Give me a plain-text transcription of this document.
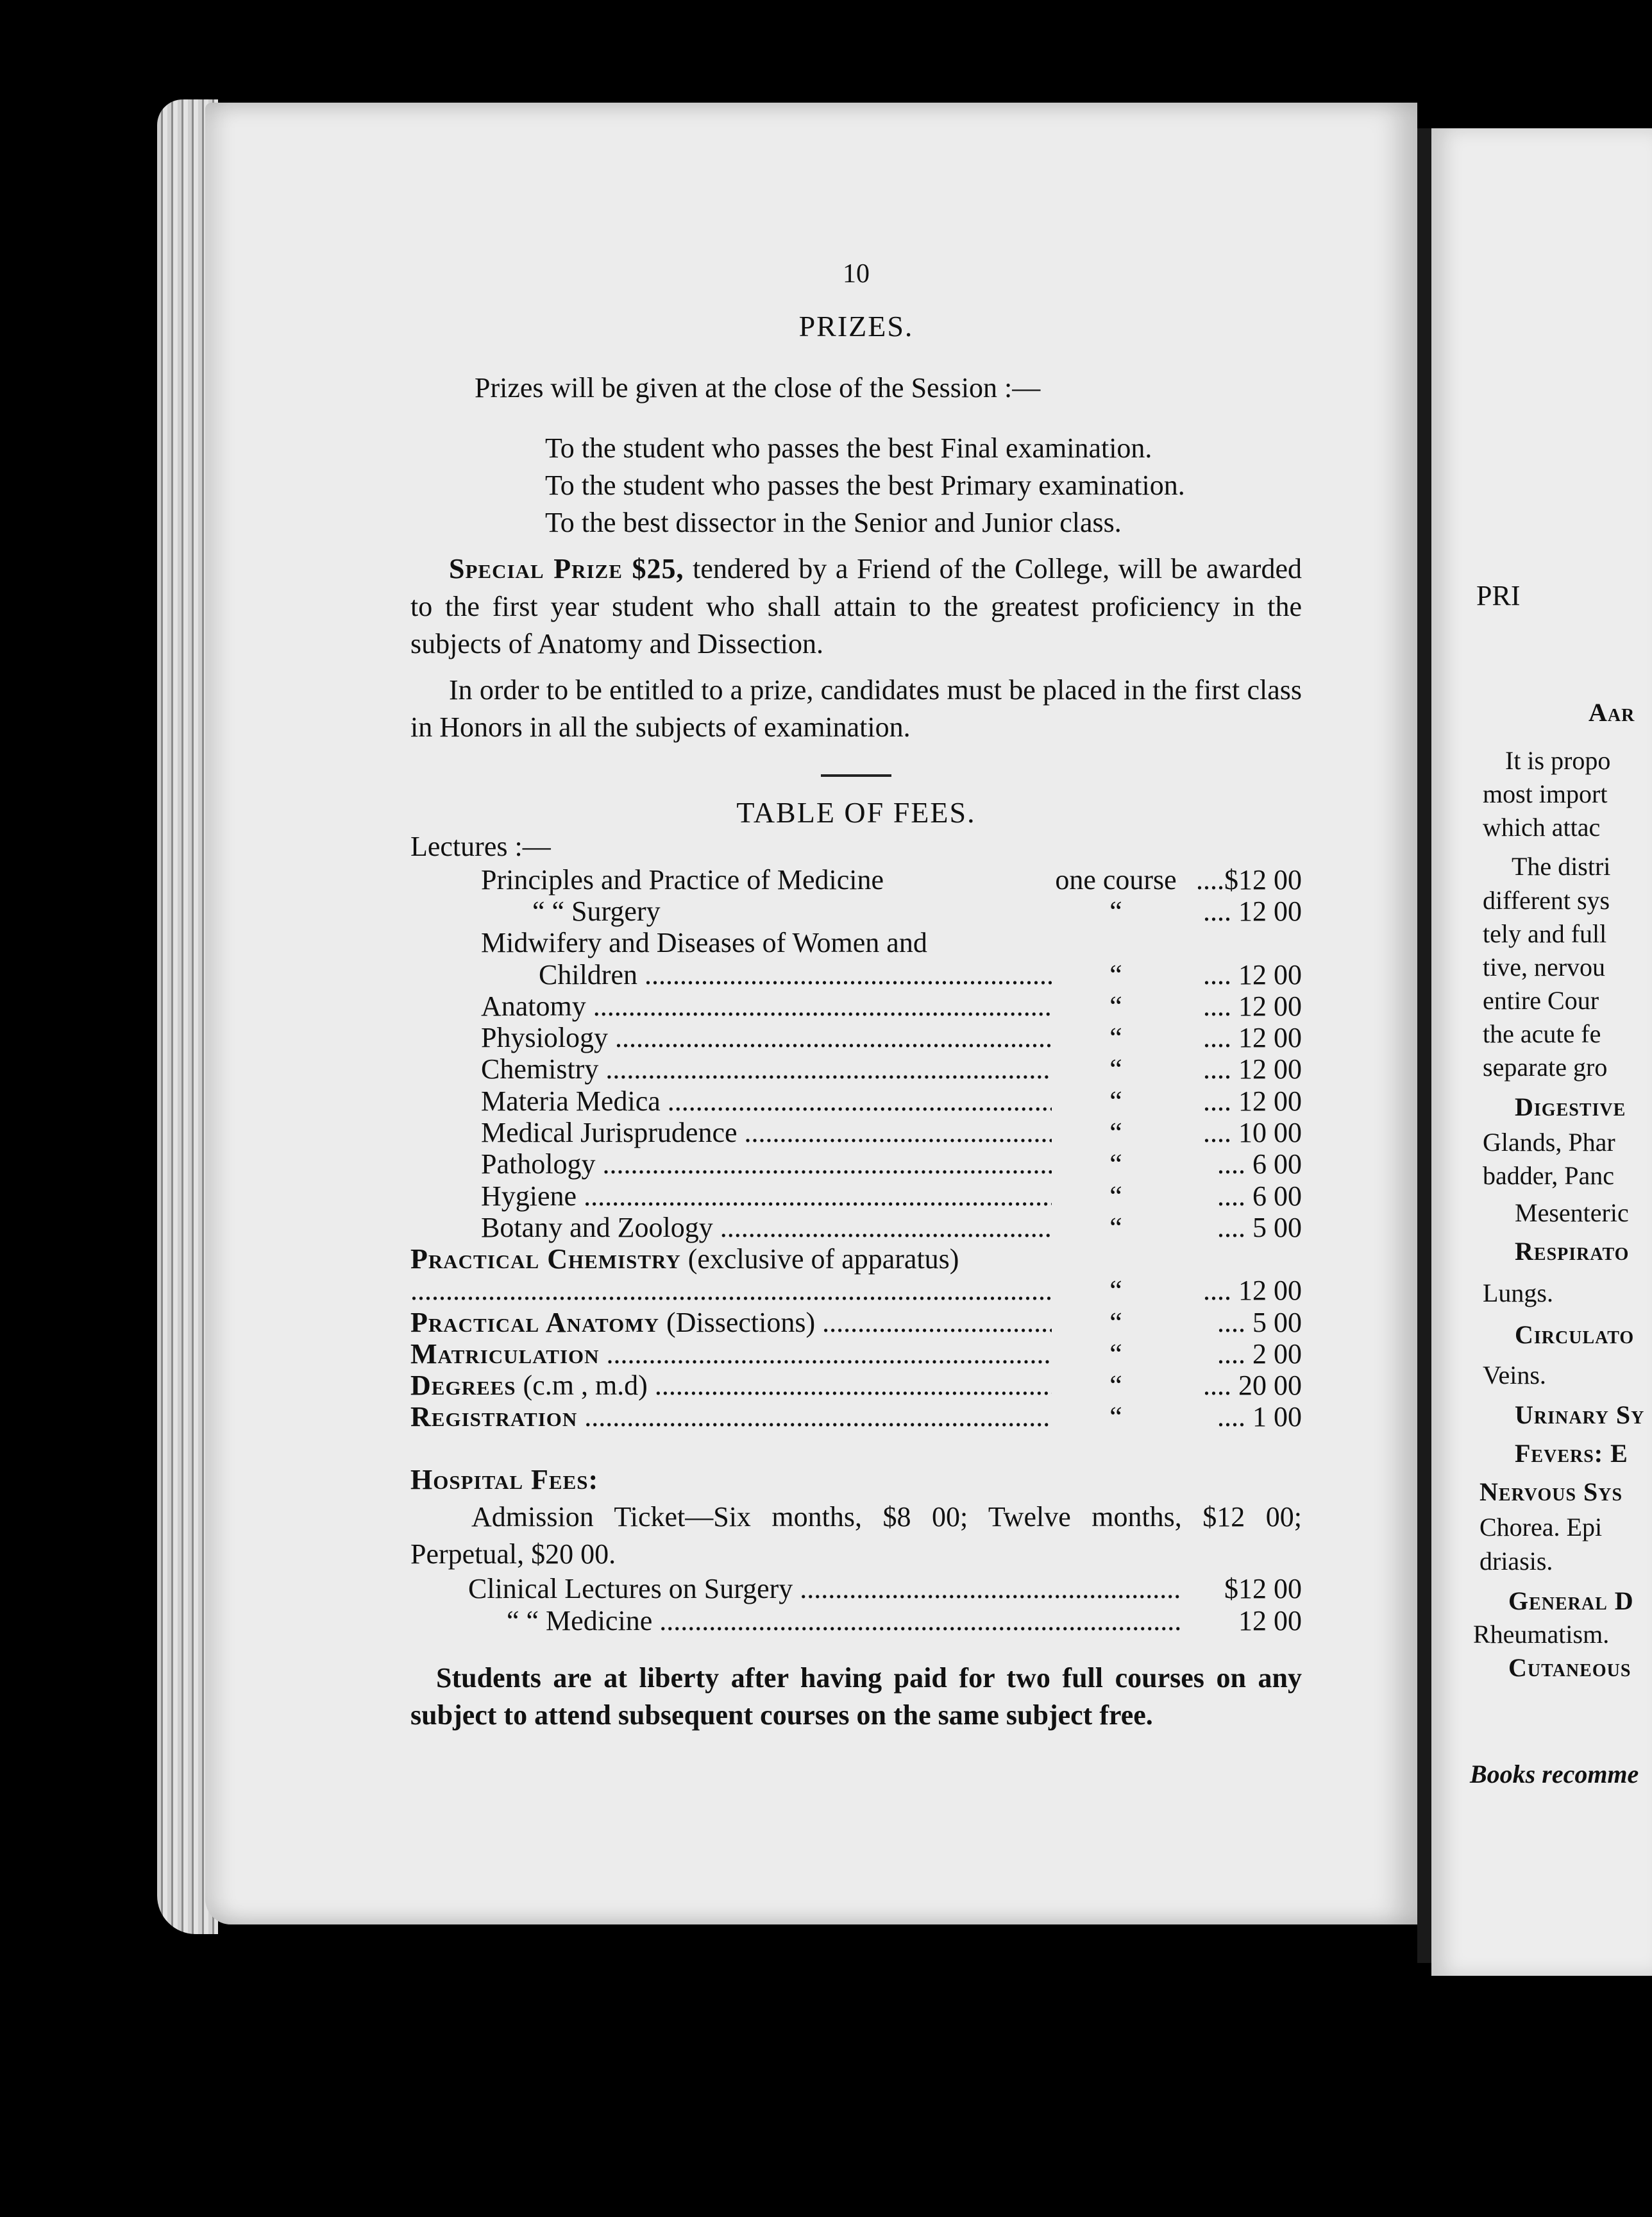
PRI
Aar
It is propo
most import
which attac
The distri
different sys
tely and full
tive, nervou
entire Cour
the acute fe
separate gro
Digestive
Glands, Phar
badder, Panc
Mesenteric
Respirato
Lungs.
Circulato
Veins.
Urinary Sy
Fevers: E
Nervous Sys
Chorea. Epi
driasis.
General D
Rheumatism.
Cutaneous
Books recomme
10
PRIZES.

Prizes will be given at the close of the Session :—

To the student who passes the best Final examination.

To the student who passes the best Primary examination.

To the best dissector in the Senior and Junior class.

Special Prize $25, tendered by a Friend of the College, will be awarded to the first year student who shall attain to the greatest proficiency in the subjects of Anatomy and Dissection.

In order to be entitled to a prize, candidates must be placed in the first class in Honors in all the subjects of examination.

TABLE OF FEES.
Lectures :—
Principles and Practice of Medicine	one course ....$12 00
“ “ Surgery	“	.... 12 00
Midwifery and Diseases of Women and
Children .....	“	.... 12 00
Anatomy .....	“	.... 12 00
Physiology .....	“	.... 12 00
Chemistry .....	“	.... 12 00
Materia Medica .....	“	.... 12 00
Medical Jurisprudence .....	“	.... 10 00
Pathology .....	“	.... 6 00
Hygiene .....	“	.... 6 00
Botany and Zoology .....	“	.... 5 00
Practical Chemistry (exclusive of apparatus) .....
“	.... 12 00
Practical Anatomy (Dissections) .....	“	.... 5 00
Matriculation .....	“	.... 2 00
Degrees (c.m , m.d) .....	“	.... 20 00
Registration .....	“	.... 1 00

Hospital Fees:

Admission Ticket—Six months, $8 00; Twelve months, $12 00; Perpetual, $20 00.

Clinical Lectures on Surgery .....	$12 00
“ “ Medicine .....	12 00

Students are at liberty after having paid for two full courses on any subject to attend subsequent courses on the same subject free.
